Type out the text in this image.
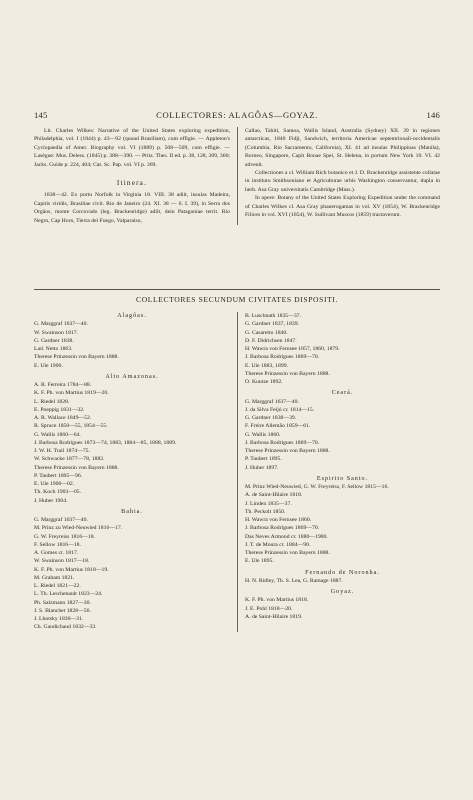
145	COLLECTORES: ALAGÔAS—GOYAZ.	146

Lit. Charles Wilkes: Narrative of the United States exploring expedition, Philadelphia, vol. I (1844) p. 43—92 (quoad Brasiliam), cum effigie. — Appleton's Cyclopaedia of Amer. Biography vol. VI (1889) p. 508—509, cum effigie. — Lasègue: Mus. Deless. (1845) p. 388—390. — Pritz. Thes. II ed. p. 38, 128, 309, 360; Jacks. Guide p. 224, 404; Cat. Sc. Pap. vol. VI p. 369.

Itinera.

1838—42. Ex portu Norfolk in Virginia 18. VIII. 38 adiit, insulas Madeira, Capitis viridis, Brasiliae civit. Rio de Janeiro (24. XI. 38 — 6. I. 39), in Serra dos Orgâos, monte Corcovado (leg. Brackenridge) adiit, dein Patagoniae territ. Rio Negro, Cap Horn, Tierra del Fuego, Valparaiso,

Callao, Tahiti, Samoa, Wallis Island, Australia (Sydney) XII. 39 in regiones antarcticas, 1840 Fidji, Sandwich, territoria Americae septentrionali-occidentalis (Columbia, Rio Sacramento, California), XI. 41 ad insulas Philippinas (Manila), Borneo, Singapore, Capit Bonae Spei, St. Helena, in portum New York 10. VI. 42 advenit.

Collectiones a cl. William Rich botanico et J. D. Brackenridge assistente collatae in instituto Smithsoniano et Agriculturae urbis Washington conservantur, dupla in herb. Asa Gray universitatis Cambridge (Mass.).

In opere: Botany of the United States Exploring Expedition under the command of Charles Wilkes cl. Asa Gray phanerogamas in vol. XV (1854), W. Brackenridge Filices in vol. XVI (1854), W. Sullivant Muscos (1859) tractaverunt.

COLLECTORES SECUNDUM CIVITATES DISPOSITI.
Alagôas.
G. Marggraf 1637—40.
W. Swainson 1817.
G. Gardner 1838.
Lad. Netto 1863.
Therese Prinzessin von Bayern 1888.
E. Ule 1900.
Alto Amazonas.
A. R. Ferreira 1784—88.
K. F. Ph. von Martius 1819—20.
L. Riedel 1828.
E. Poeppig 1831—32.
A. R. Wallace 1849—52.
R. Spruce 1850—55, 1854—55.
G. Wallis 1860—64.
J. Barbosa Rodrigues 1873—74, 1883, 1884—85, 1888, 1889.
J. W. H. Trail 1874—75.
W. Schwacke 1877—78, 1882.
Therese Prinzessin von Bayern 1888.
P. Taubert 1895—96.
E. Ule 1900—02.
Th. Koch 1903—05.
J. Huber 1904.
Bahia.
G. Marggraf 1637—40.
M. Prinz zu Wied-Neuwied 1816—17.
G. W. Freyreiss 1816—18.
F. Sellow 1816—18.
A. Gomes cr. 1817.
W. Swainson 1817—18.
K. F. Ph. von Martius 1818—19.
M. Graham 1821.
L. Riedel 1821—22.
L. Th. Leschenault 1823—24.
Ph. Salzmann 1827—30.
J. S. Blanchet 1828—56.
J. Lhotsky 1830—31.
Ch. Gaudichaud 1832—33.
B. Luschnath 1835—37.
G. Gardner 1837, 1839.
G. Casaretto 1840.
D. F. Didrichsen 1847.
H. Wawra von Fernsee 1857, 1860, 1879.
J. Barbosa Rodrigues 1869—70.
E. Ule 1883, 1899.
Therese Prinzessin von Bayern 1888.
O. Kuntze 1892.
Ceará.
G. Marggraf 1637—40.
J. da Silva Feijó cr. 1814—15.
G. Gardner 1838—39.
F. Freire Allemão 1859—61.
G. Wallis 1860.
J. Barbosa Rodrigues 1869—70.
Therese Prinzessin von Bayern 1888.
P. Taubert 1895.
J. Huber 1897.
Espirito Santo.
M. Prinz Wied-Neuwied, G. W. Freyreiss, F. Sellow 1815—16.
A. de Saint-Hilaire 1818.
J. Linden 1835—37.
Th. Peckolt 1850.
H. Wawra von Fernsee 1860.
J. Barbosa Rodrigues 1869—70.
Das Neves Armond cr. 1880—1900.
J. T. de Moura cr. 1884—90.
Therese Prinzessin von Bayern 1888.
E. Ule 1895.
Fernando de Noronha.
H. N. Ridley, Th. S. Lea, G. Ramage 1887.
Goyaz.
K. F. Ph. von Martius 1818.
J. E. Pohl 1818—20.
A. de Saint-Hilaire 1819.
